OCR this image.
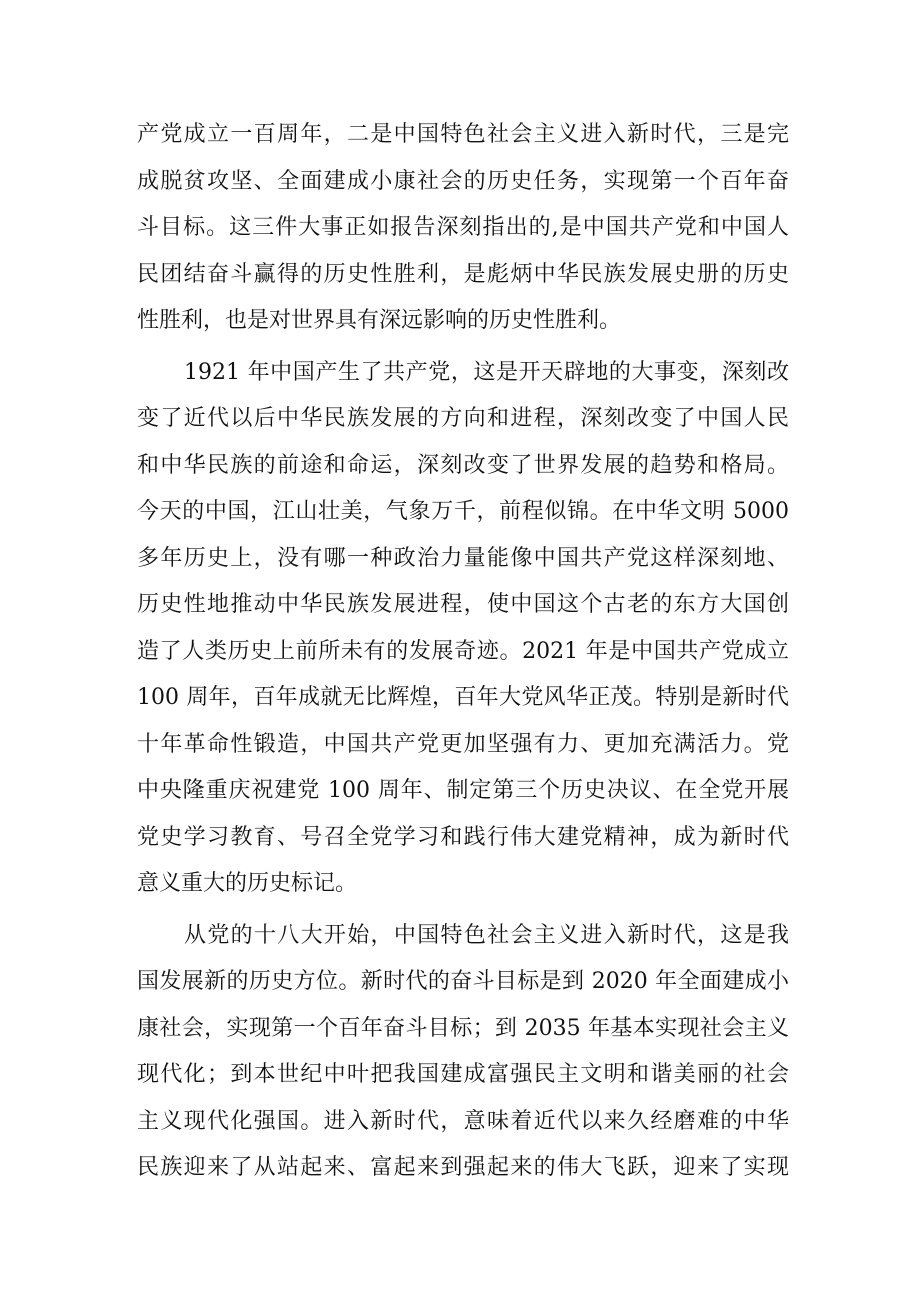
产党成立一百周年，二是中国特色社会主义进入新时代，三是完
成脱贫攻坚、全面建成小康社会的历史任务，实现第一个百年奋
斗目标。这三件大事正如报告深刻指出的,是中国共产党和中国人
民团结奋斗赢得的历史性胜利，是彪炳中华民族发展史册的历史
性胜利，也是对世界具有深远影响的历史性胜利。
1921 年中国产生了共产党，这是开天辟地的大事变，深刻改
变了近代以后中华民族发展的方向和进程，深刻改变了中国人民
和中华民族的前途和命运，深刻改变了世界发展的趋势和格局。
今天的中国，江山壮美，气象万千，前程似锦。在中华文明 5000
多年历史上，没有哪一种政治力量能像中国共产党这样深刻地、
历史性地推动中华民族发展进程，使中国这个古老的东方大国创
造了人类历史上前所未有的发展奇迹。2021 年是中国共产党成立
100 周年，百年成就无比辉煌，百年大党风华正茂。特别是新时代
十年革命性锻造，中国共产党更加坚强有力、更加充满活力。党
中央隆重庆祝建党 100 周年、制定第三个历史决议、在全党开展
党史学习教育、号召全党学习和践行伟大建党精神，成为新时代
意义重大的历史标记。
从党的十八大开始，中国特色社会主义进入新时代，这是我
国发展新的历史方位。新时代的奋斗目标是到 2020 年全面建成小
康社会，实现第一个百年奋斗目标；到 2035 年基本实现社会主义
现代化；到本世纪中叶把我国建成富强民主文明和谐美丽的社会
主义现代化强国。进入新时代，意味着近代以来久经磨难的中华
民族迎来了从站起来、富起来到强起来的伟大飞跃，迎来了实现
